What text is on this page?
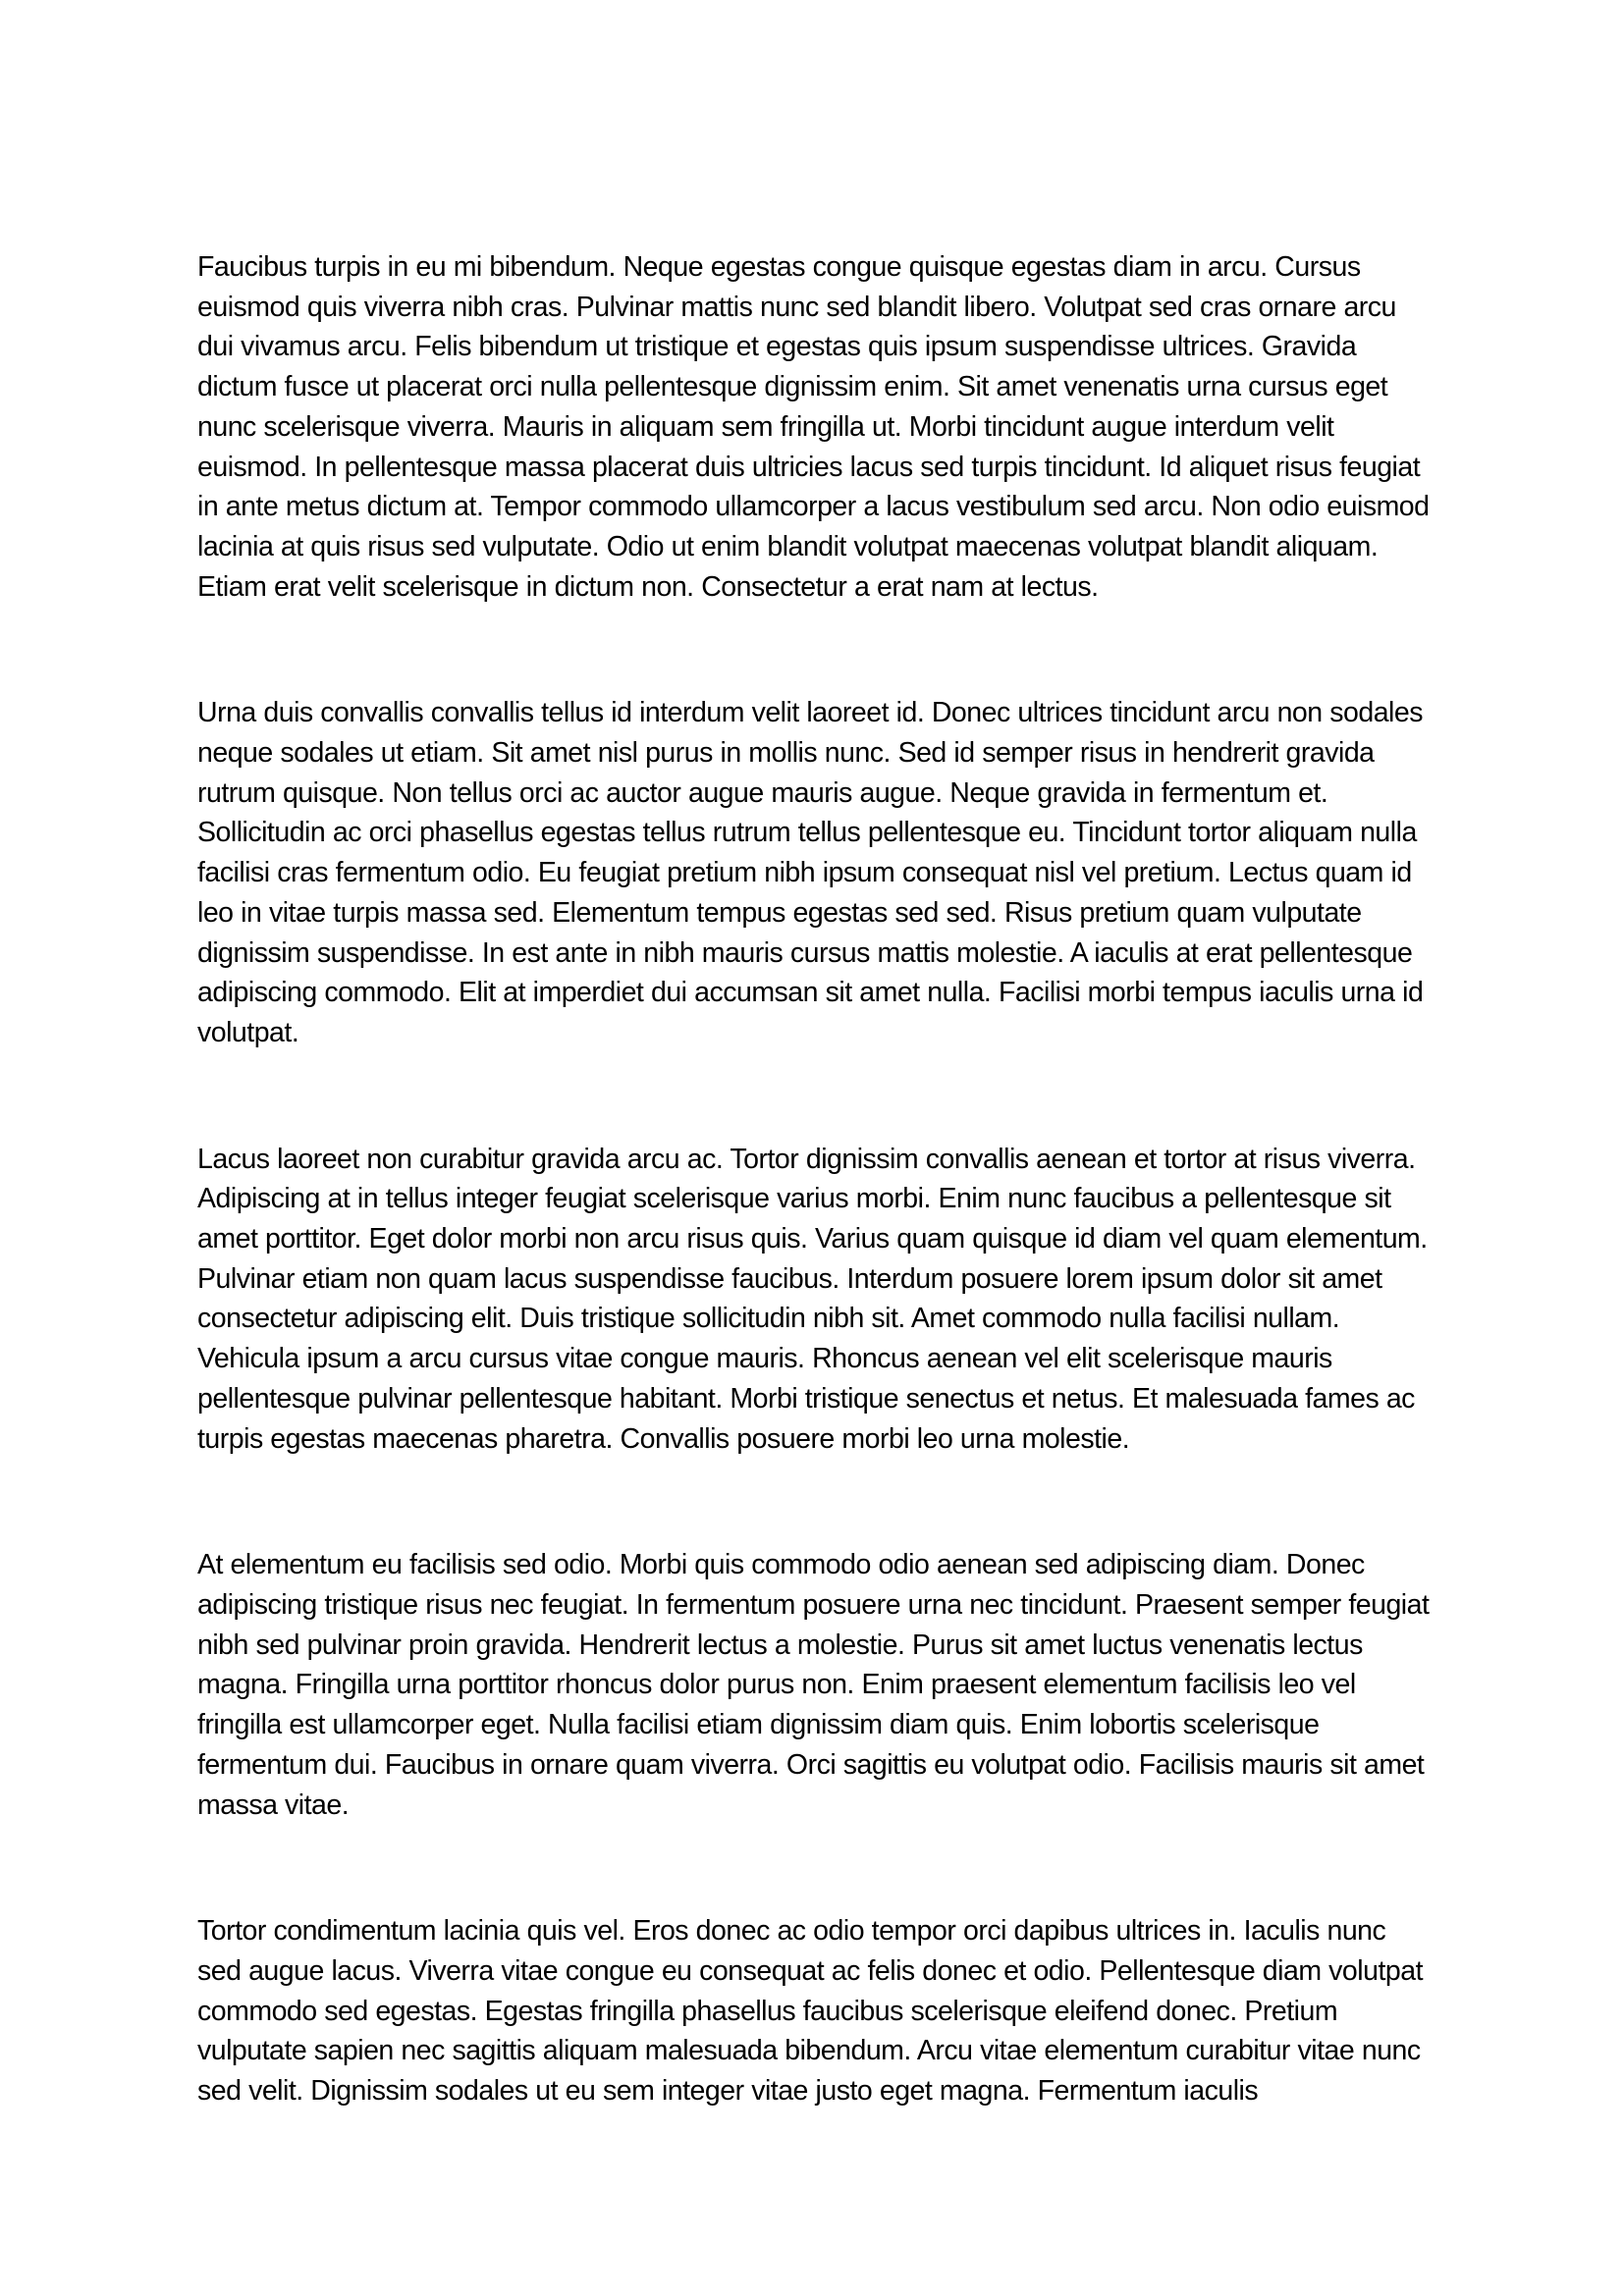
Faucibus turpis in eu mi bibendum. Neque egestas congue quisque egestas diam in arcu. Cursus euismod quis viverra nibh cras. Pulvinar mattis nunc sed blandit libero. Volutpat sed cras ornare arcu dui vivamus arcu. Felis bibendum ut tristique et egestas quis ipsum suspendisse ultrices. Gravida dictum fusce ut placerat orci nulla pellentesque dignissim enim. Sit amet venenatis urna cursus eget nunc scelerisque viverra. Mauris in aliquam sem fringilla ut. Morbi tincidunt augue interdum velit euismod. In pellentesque massa placerat duis ultricies lacus sed turpis tincidunt. Id aliquet risus feugiat in ante metus dictum at. Tempor commodo ullamcorper a lacus vestibulum sed arcu. Non odio euismod lacinia at quis risus sed vulputate. Odio ut enim blandit volutpat maecenas volutpat blandit aliquam. Etiam erat velit scelerisque in dictum non. Consectetur a erat nam at lectus.

Urna duis convallis convallis tellus id interdum velit laoreet id. Donec ultrices tincidunt arcu non sodales neque sodales ut etiam. Sit amet nisl purus in mollis nunc. Sed id semper risus in hendrerit gravida rutrum quisque. Non tellus orci ac auctor augue mauris augue. Neque gravida in fermentum et. Sollicitudin ac orci phasellus egestas tellus rutrum tellus pellentesque eu. Tincidunt tortor aliquam nulla facilisi cras fermentum odio. Eu feugiat pretium nibh ipsum consequat nisl vel pretium. Lectus quam id leo in vitae turpis massa sed. Elementum tempus egestas sed sed. Risus pretium quam vulputate dignissim suspendisse. In est ante in nibh mauris cursus mattis molestie. A iaculis at erat pellentesque adipiscing commodo. Elit at imperdiet dui accumsan sit amet nulla. Facilisi morbi tempus iaculis urna id volutpat.

Lacus laoreet non curabitur gravida arcu ac. Tortor dignissim convallis aenean et tortor at risus viverra. Adipiscing at in tellus integer feugiat scelerisque varius morbi. Enim nunc faucibus a pellentesque sit amet porttitor. Eget dolor morbi non arcu risus quis. Varius quam quisque id diam vel quam elementum. Pulvinar etiam non quam lacus suspendisse faucibus. Interdum posuere lorem ipsum dolor sit amet consectetur adipiscing elit. Duis tristique sollicitudin nibh sit. Amet commodo nulla facilisi nullam. Vehicula ipsum a arcu cursus vitae congue mauris. Rhoncus aenean vel elit scelerisque mauris pellentesque pulvinar pellentesque habitant. Morbi tristique senectus et netus. Et malesuada fames ac turpis egestas maecenas pharetra. Convallis posuere morbi leo urna molestie.

At elementum eu facilisis sed odio. Morbi quis commodo odio aenean sed adipiscing diam. Donec adipiscing tristique risus nec feugiat. In fermentum posuere urna nec tincidunt. Praesent semper feugiat nibh sed pulvinar proin gravida. Hendrerit lectus a molestie. Purus sit amet luctus venenatis lectus magna. Fringilla urna porttitor rhoncus dolor purus non. Enim praesent elementum facilisis leo vel fringilla est ullamcorper eget. Nulla facilisi etiam dignissim diam quis. Enim lobortis scelerisque fermentum dui. Faucibus in ornare quam viverra. Orci sagittis eu volutpat odio. Facilisis mauris sit amet massa vitae.

Tortor condimentum lacinia quis vel. Eros donec ac odio tempor orci dapibus ultrices in. Iaculis nunc sed augue lacus. Viverra vitae congue eu consequat ac felis donec et odio. Pellentesque diam volutpat commodo sed egestas. Egestas fringilla phasellus faucibus scelerisque eleifend donec. Pretium vulputate sapien nec sagittis aliquam malesuada bibendum. Arcu vitae elementum curabitur vitae nunc sed velit. Dignissim sodales ut eu sem integer vitae justo eget magna. Fermentum iaculis
